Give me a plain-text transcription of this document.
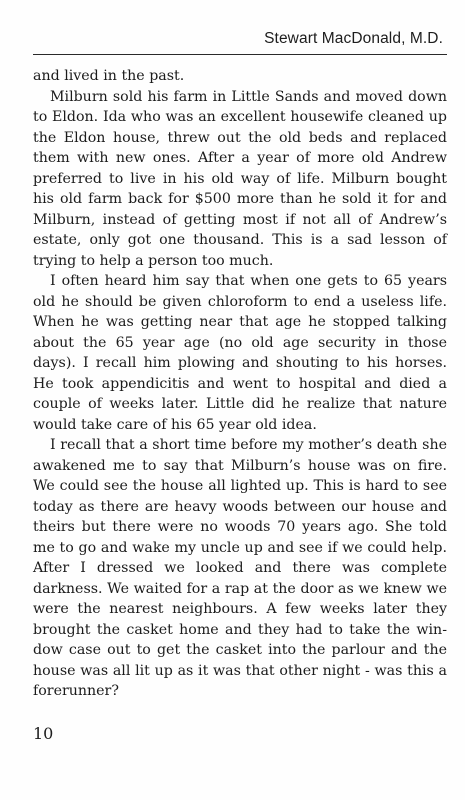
Stewart MacDonald, M.D.

and lived in the past.

Milburn sold his farm in Little Sands and moved down to Eldon. Ida who was an excellent housewife cleaned up the Eldon house, threw out the old beds and replaced them with new ones. After a year of more old Andrew preferred to live in his old way of life. Milburn bought his old farm back for $500 more than he sold it for and Milburn, instead of getting most if not all of Andrew’s estate, only got one thousand. This is a sad lesson of trying to help a person too much.

I often heard him say that when one gets to 65 years old he should be given chloroform to end a useless life. When he was getting near that age he stopped talking about the 65 year age (no old age security in those days). I recall him plowing and shouting to his horses. He took appendicitis and went to hospital and died a couple of weeks later. Little did he realize that nature would take care of his 65 year old idea.

I recall that a short time before my mother’s death she awakened me to say that Milburn’s house was on fire. We could see the house all lighted up. This is hard to see today as there are heavy woods between our house and theirs but there were no woods 70 years ago. She told me to go and wake my uncle up and see if we could help. After I dressed we looked and there was complete darkness. We waited for a rap at the door as we knew we were the nearest neighbours. A few weeks later they brought the casket home and they had to take the win-dow case out to get the casket into the parlour and the house was all lit up as it was that other night - was this a forerunner?

10
